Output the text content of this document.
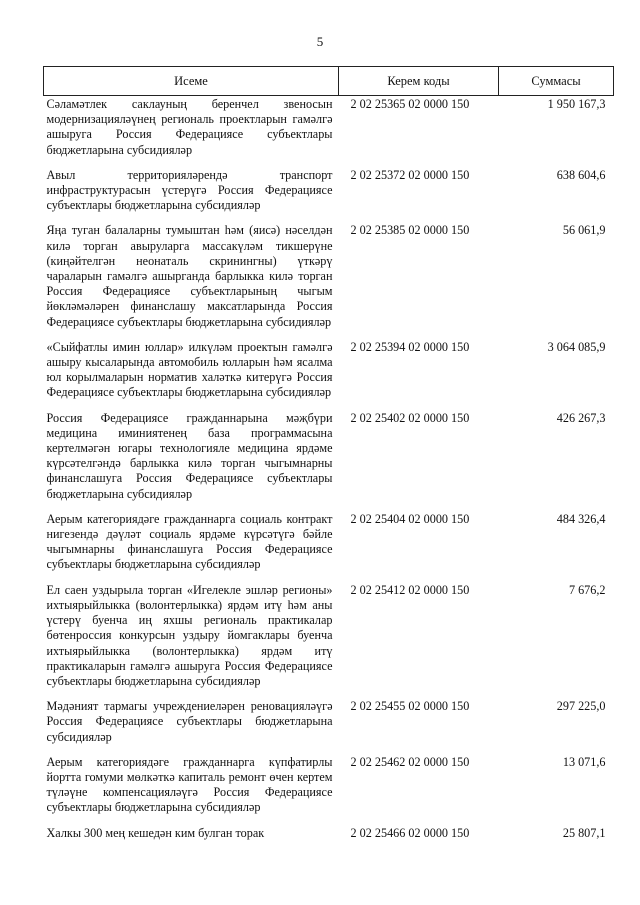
5
Исеме	Керем коды	Суммасы
Сәламәтлек саклауның беренчел звеносын модернизацияләүнең региональ проектларын гамәлгә ашыруга Россия Федерациясе субъектлары бюджетларына субсидияләр	2 02 25365 02 0000 150	1 950 167,3
Авыл территорияләрендә транспорт инфраструктурасын үстерүгә Россия Федерациясе субъектлары бюджетларына субсидияләр	2 02 25372 02 0000 150	638 604,6
Яңа туган балаларны тумыштан һәм (яисә) нәселдән килә торган авыруларга массакүләм тикшерүне (киңәйтелгән неонаталь скринингны) үткәрү чараларын гамәлгә ашырганда барлыкка килә торган Россия Федерациясе субъектларының чыгым йөкләмәләрен финанслашу максатларында Россия Федерациясе субъектлары бюджетларына субсидияләр	2 02 25385 02 0000 150	56 061,9
«Сыйфатлы имин юллар» илкүләм проектын гамәлгә ашыру кысаларында автомобиль юлларын һәм ясалма юл корылмаларын норматив халәткә китерүгә Россия Федерациясе субъектлары бюджетларына субсидияләр	2 02 25394 02 0000 150	3 064 085,9
Россия Федерациясе гражданнарына мәҗбүри медицина иминиятенең база программасына кертелмәгән югары технологияле медицина ярдәме күрсәтелгәндә барлыкка килә торган чыгымнарны финанслашуга Россия Федерациясе субъектлары бюджетларына субсидияләр	2 02 25402 02 0000 150	426 267,3
Аерым категориядәге гражданнарга социаль контракт нигезендә дәүләт социаль ярдәме күрсәтүгә бәйле чыгымнарны финанслашуга Россия Федерациясе субъектлары бюджетларына субсидияләр	2 02 25404 02 0000 150	484 326,4
Ел саен уздырыла торган «Игелекле эшләр регионы» ихтыярыйлыкка (волонтерлыкка) ярдәм итү һәм аны үстерү буенча иң яхшы региональ практикалар бөтенроссия конкурсын уздыру йомгаклары буенча ихтыярыйлыкка (волонтерлыкка) ярдәм итү практикаларын гамәлгә ашыруга Россия Федерациясе субъектлары бюджетларына субсидияләр	2 02 25412 02 0000 150	7 676,2
Мәдәният тармагы учреждениеләрен реновацияләүгә Россия Федерациясе субъектлары бюджетларына субсидияләр	2 02 25455 02 0000 150	297 225,0
Аерым категориядәге гражданнарга күпфатирлы йортта гомуми мөлкәткә капиталь ремонт өчен кертем түләүне компенсацияләүгә Россия Федерациясе субъектлары бюджетларына субсидияләр	2 02 25462 02 0000 150	13 071,6
Халкы 300 мең кешедән ким булган торак	2 02 25466 02 0000 150	25 807,1
